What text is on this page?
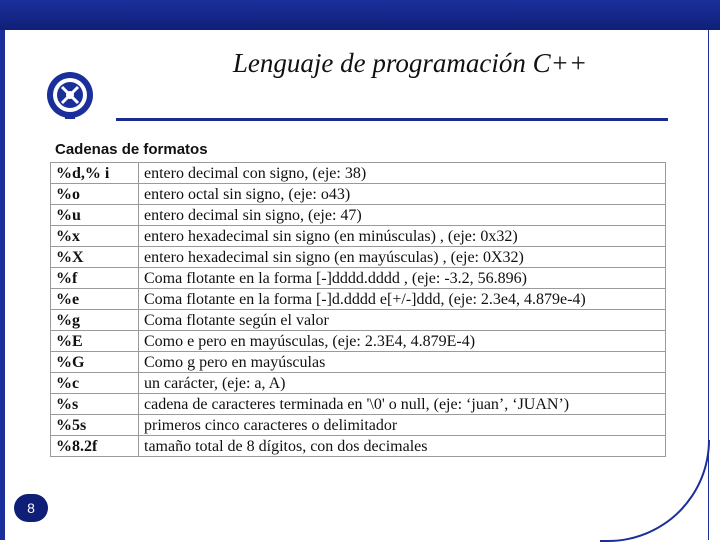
Lenguaje de programación C++
Cadenas de formatos
%d,% i	entero decimal con signo, (eje: 38)
%o	entero octal sin signo, (eje: o43)
%u	entero decimal sin signo, (eje: 47)
%x	entero hexadecimal sin signo (en minúsculas) , (eje: 0x32)
%X	entero hexadecimal sin signo (en mayúsculas) , (eje: 0X32)
%f	Coma flotante en la forma [-]dddd.dddd , (eje: -3.2, 56.896)
%e	Coma flotante en la forma [-]d.dddd e[+/-]ddd, (eje: 2.3e4, 4.879e-4)
%g	Coma flotante según el valor
%E	Como e pero en mayúsculas, (eje: 2.3E4, 4.879E-4)
%G	Como g pero en mayúsculas
%c	un carácter, (eje: a, A)
%s	cadena de caracteres terminada en '\0' o null, (eje: ‘juan’, ‘JUAN’)
%5s	primeros cinco caracteres o delimitador
%8.2f	tamaño total de 8 dígitos, con dos decimales
8
